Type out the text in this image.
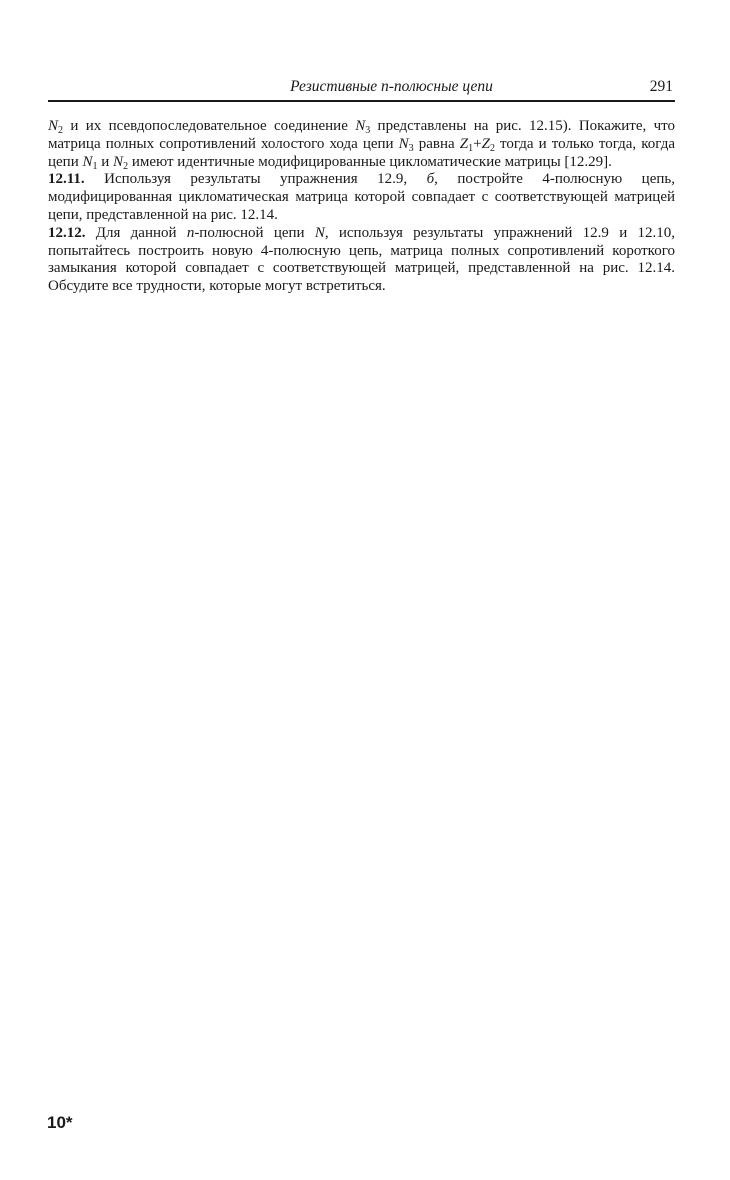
Резистивные n-полюсные цепи	291

$N_2$ и их псевдопоследовательное соединение $N_3$ представлены на рис. 12.15). Покажите, что матрица полных сопротивлений холостого хода цепи $N_3$ равна $Z_1+Z_2$ тогда и только тогда, когда цепи $N_1$ и $N_2$ имеют идентичные модифицированные цикломатические матрицы [12.29].

12.11. Используя результаты упражнения 12.9, б, постройте 4-полюсную цепь, модифицированная цикломатическая матрица которой совпадает с соответствующей матрицей цепи, представленной на рис. 12.14.

12.12. Для данной n-полюсной цепи N, используя результаты упражнений 12.9 и 12.10, попытайтесь построить новую 4-полюсную цепь, матрица полных сопротивлений короткого замыкания которой совпадает с соответствующей матрицей, представленной на рис. 12.14. Обсудите все трудности, которые могут встретиться.

10*
